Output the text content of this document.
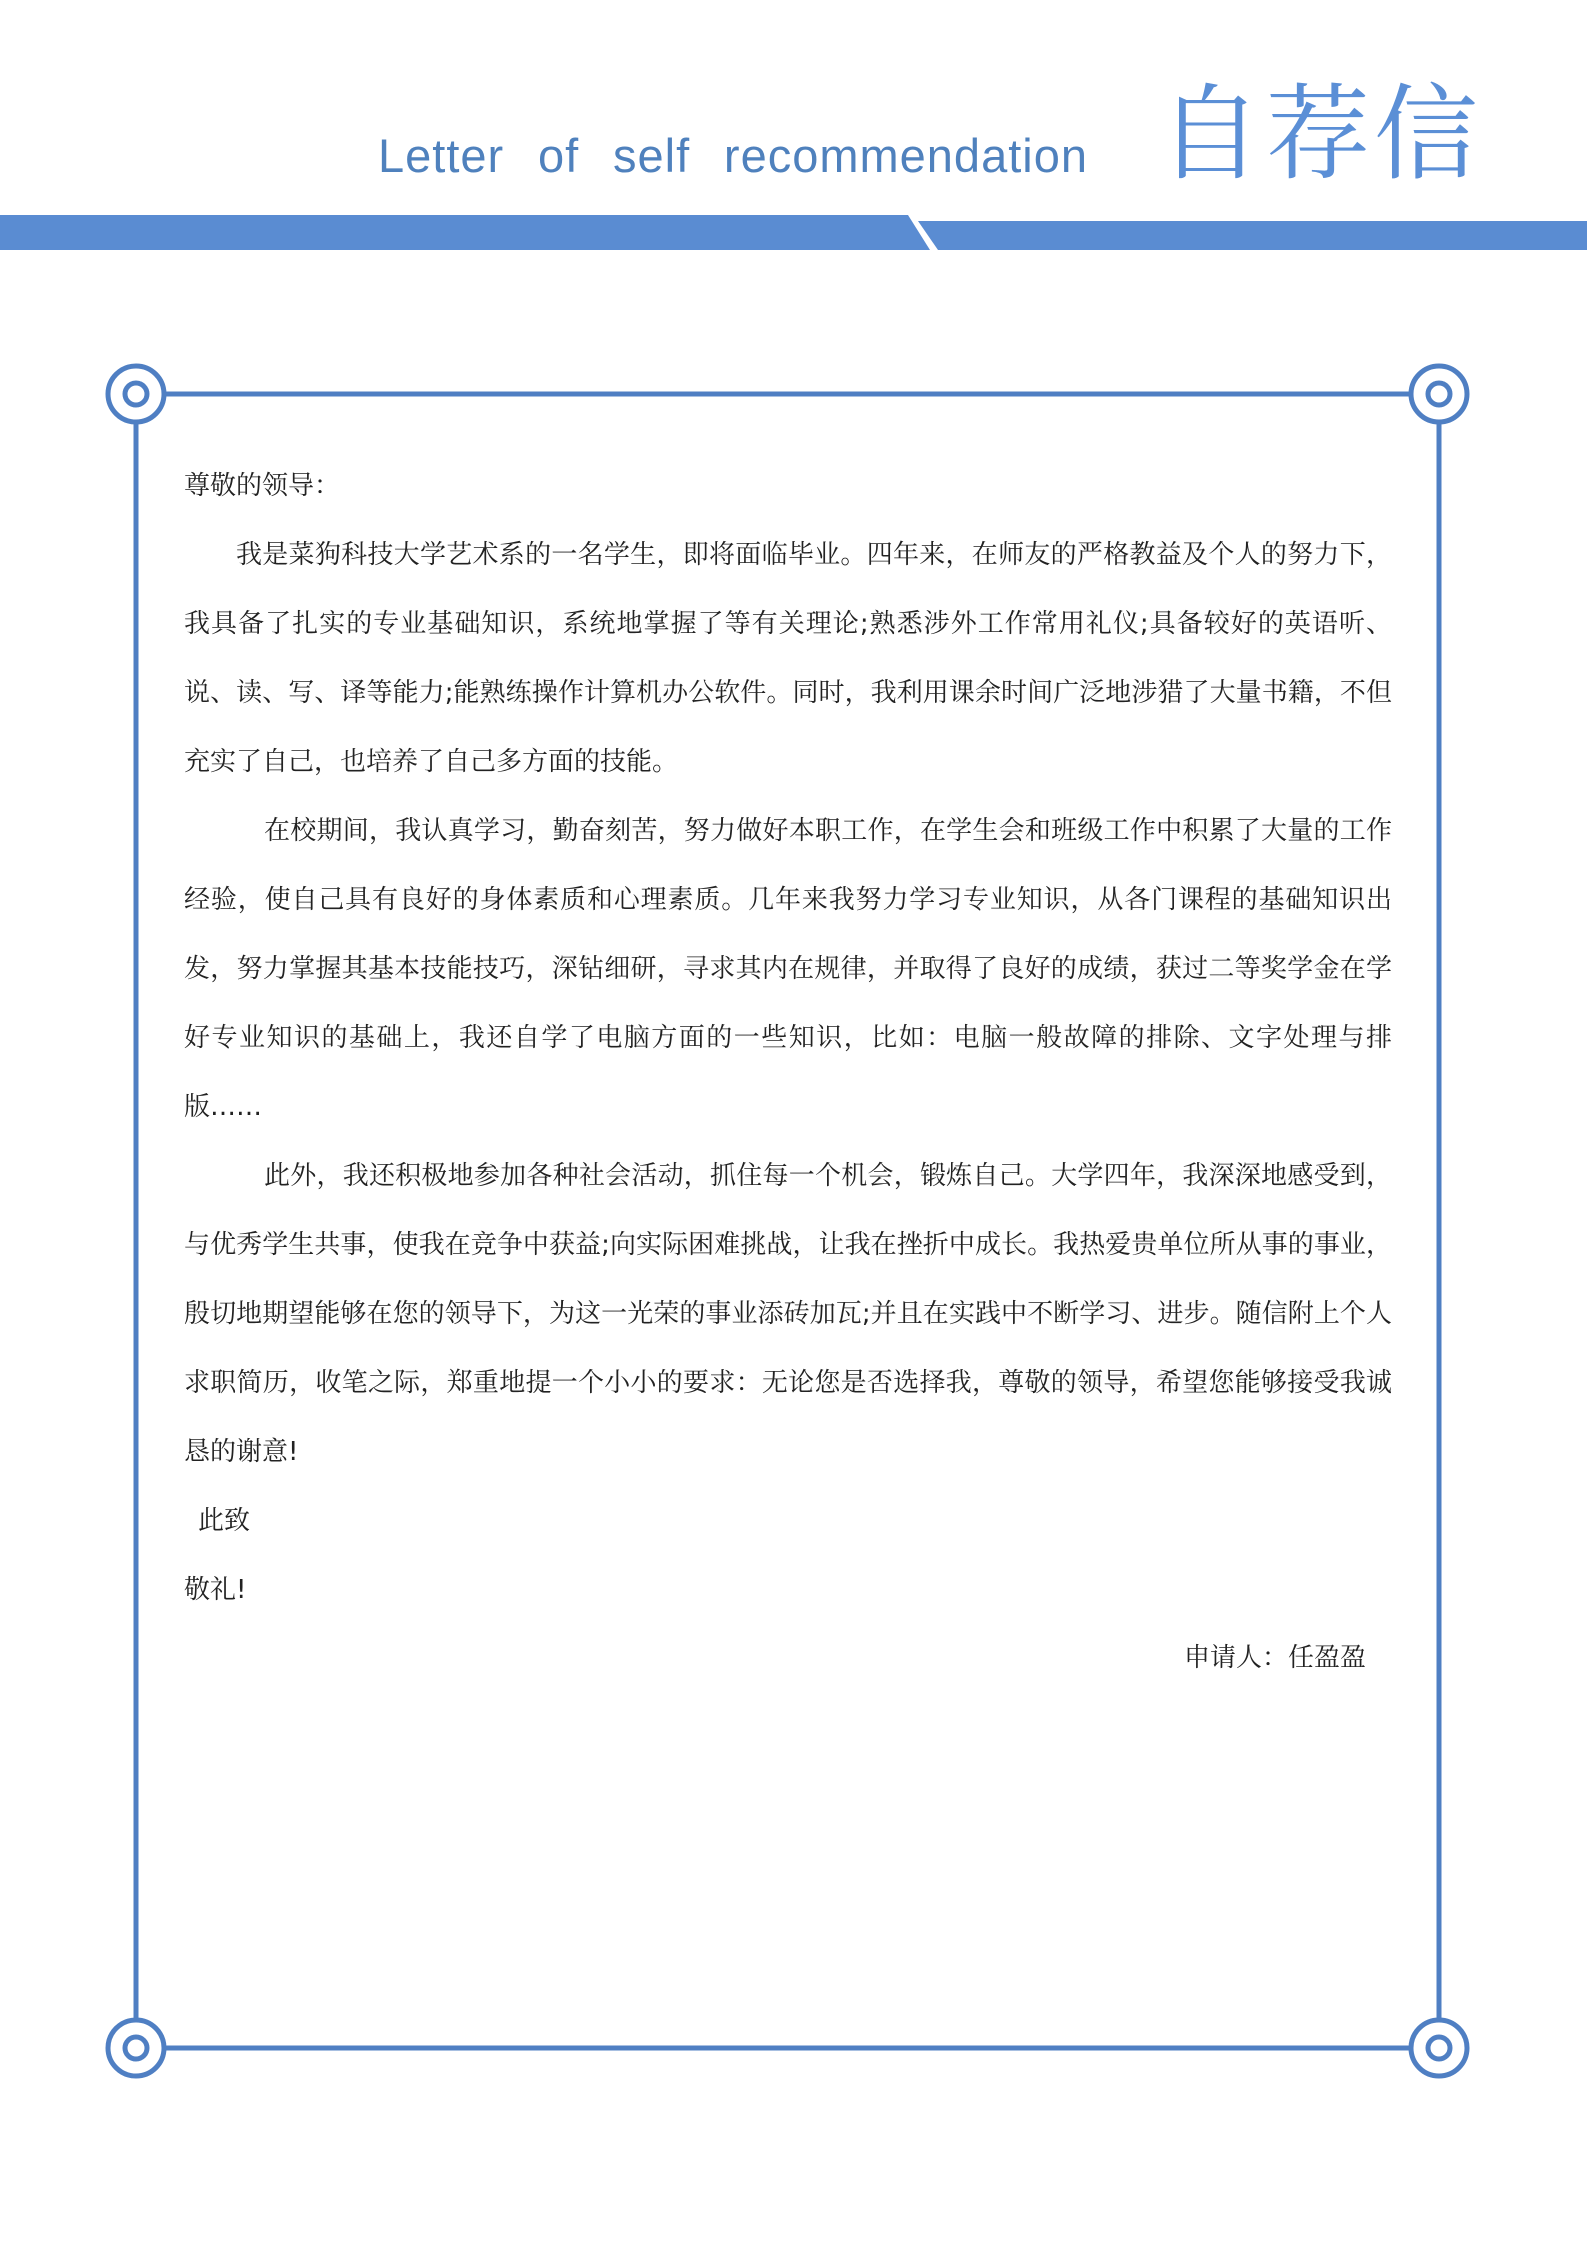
Letter of self recommendation 自荐信

尊敬的领导：

我是菜狗科技大学艺术系的一名学生，即将面临毕业。四年来，在师友的严格教益及个人的努力下，我具备了扎实的专业基础知识，系统地掌握了等有关理论;熟悉涉外工作常用礼仪;具备较好的英语听、说、读、写、译等能力;能熟练操作计算机办公软件。同时，我利用课余时间广泛地涉猎了大量书籍，不但充实了自己，也培养了自己多方面的技能。

在校期间，我认真学习，勤奋刻苦，努力做好本职工作，在学生会和班级工作中积累了大量的工作经验，使自己具有良好的身体素质和心理素质。几年来我努力学习专业知识，从各门课程的基础知识出发，努力掌握其基本技能技巧，深钻细研，寻求其内在规律，并取得了良好的成绩，获过二等奖学金在学好专业知识的基础上，我还自学了电脑方面的一些知识，比如：电脑一般故障的排除、文字处理与排版……

此外，我还积极地参加各种社会活动，抓住每一个机会，锻炼自己。大学四年，我深深地感受到，与优秀学生共事，使我在竞争中获益;向实际困难挑战，让我在挫折中成长。我热爱贵单位所从事的事业，殷切地期望能够在您的领导下，为这一光荣的事业添砖加瓦;并且在实践中不断学习、进步。随信附上个人求职简历，收笔之际，郑重地提一个小小的要求：无论您是否选择我，尊敬的领导，希望您能够接受我诚恳的谢意!

此致

敬礼!

申请人：任盈盈
